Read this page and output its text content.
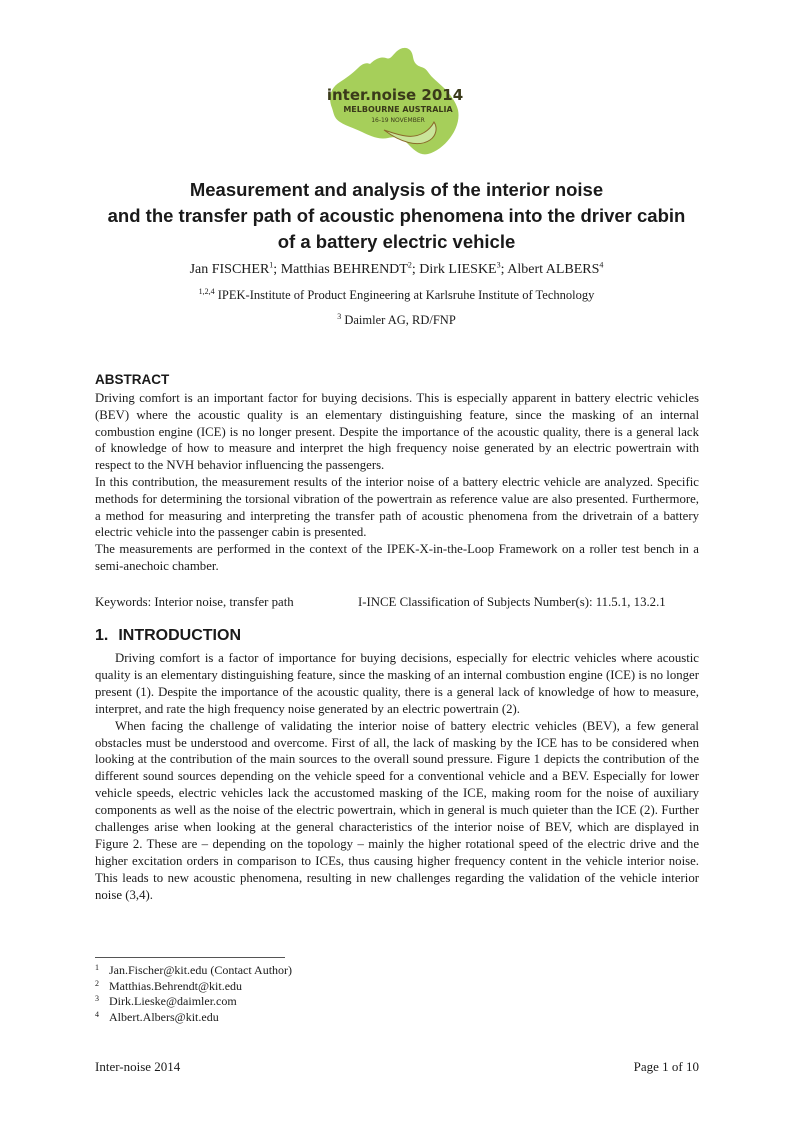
inter.noise 2014
MELBOURNE AUSTRALIA
16-19 NOVEMBER
Measurement and analysis of the interior noise
and the transfer path of acoustic phenomena into the driver cabin
of a battery electric vehicle
Jan FISCHER$^1$; Matthias BEHRENDT$^2$; Dirk LIESKE$^3$; Albert ALBERS$^4$
$^{1,2,4}$ IPEK-Institute of Product Engineering at Karlsruhe Institute of Technology
$^3$ Daimler AG, RD/FNP
ABSTRACT

Driving comfort is an important factor for buying decisions. This is especially apparent in battery electric vehicles (BEV) where the acoustic quality is an elementary distinguishing feature, since the masking of an internal combustion engine (ICE) is no longer present. Despite the importance of the acoustic quality, there is a general lack of knowledge of how to measure and interpret the high frequency noise generated by an electric powertrain with respect to the NVH behavior influencing the passengers.

In this contribution, the measurement results of the interior noise of a battery electric vehicle are analyzed. Specific methods for determining the torsional vibration of the powertrain as reference value are also presented. Furthermore, a method for measuring and interpreting the transfer path of acoustic phenomena from the drivetrain of a battery electric vehicle into the passenger cabin is presented.

The measurements are performed in the context of the IPEK-X-in-the-Loop Framework on a roller test bench in a semi-anechoic chamber.

Keywords: Interior noise, transfer path	I-INCE Classification of Subjects Number(s): 11.5.1, 13.2.1
1. INTRODUCTION

Driving comfort is a factor of importance for buying decisions, especially for electric vehicles where acoustic quality is an elementary distinguishing feature, since the masking of an internal combustion engine (ICE) is no longer present (1). Despite the importance of the acoustic quality, there is a general lack of knowledge of how to measure, interpret, and rate the high frequency noise generated by an electric powertrain (2).

When facing the challenge of validating the interior noise of battery electric vehicles (BEV), a few general obstacles must be understood and overcome. First of all, the lack of masking by the ICE has to be considered when looking at the contribution of the main sources to the overall sound pressure. Figure 1 depicts the contribution of the different sound sources depending on the vehicle speed for a conventional vehicle and a BEV. Especially for lower vehicle speeds, electric vehicles lack the accustomed masking of the ICE, making room for the noise of auxiliary components as well as the noise of the electric powertrain, which in general is much quieter than the ICE (2). Further challenges arise when looking at the general characteristics of the interior noise of BEV, which are displayed in Figure 2. These are – depending on the topology – mainly the higher rotational speed of the electric drive and the higher excitation orders in comparison to ICEs, thus causing higher frequency content in the vehicle interior noise. This leads to new acoustic phenomena, resulting in new challenges regarding the validation of the vehicle interior noise (3,4).

1 Jan.Fischer@kit.edu (Contact Author)
2 Matthias.Behrendt@kit.edu
3 Dirk.Lieske@daimler.com
4 Albert.Albers@kit.edu
Inter-noise 2014	Page 1 of 10
